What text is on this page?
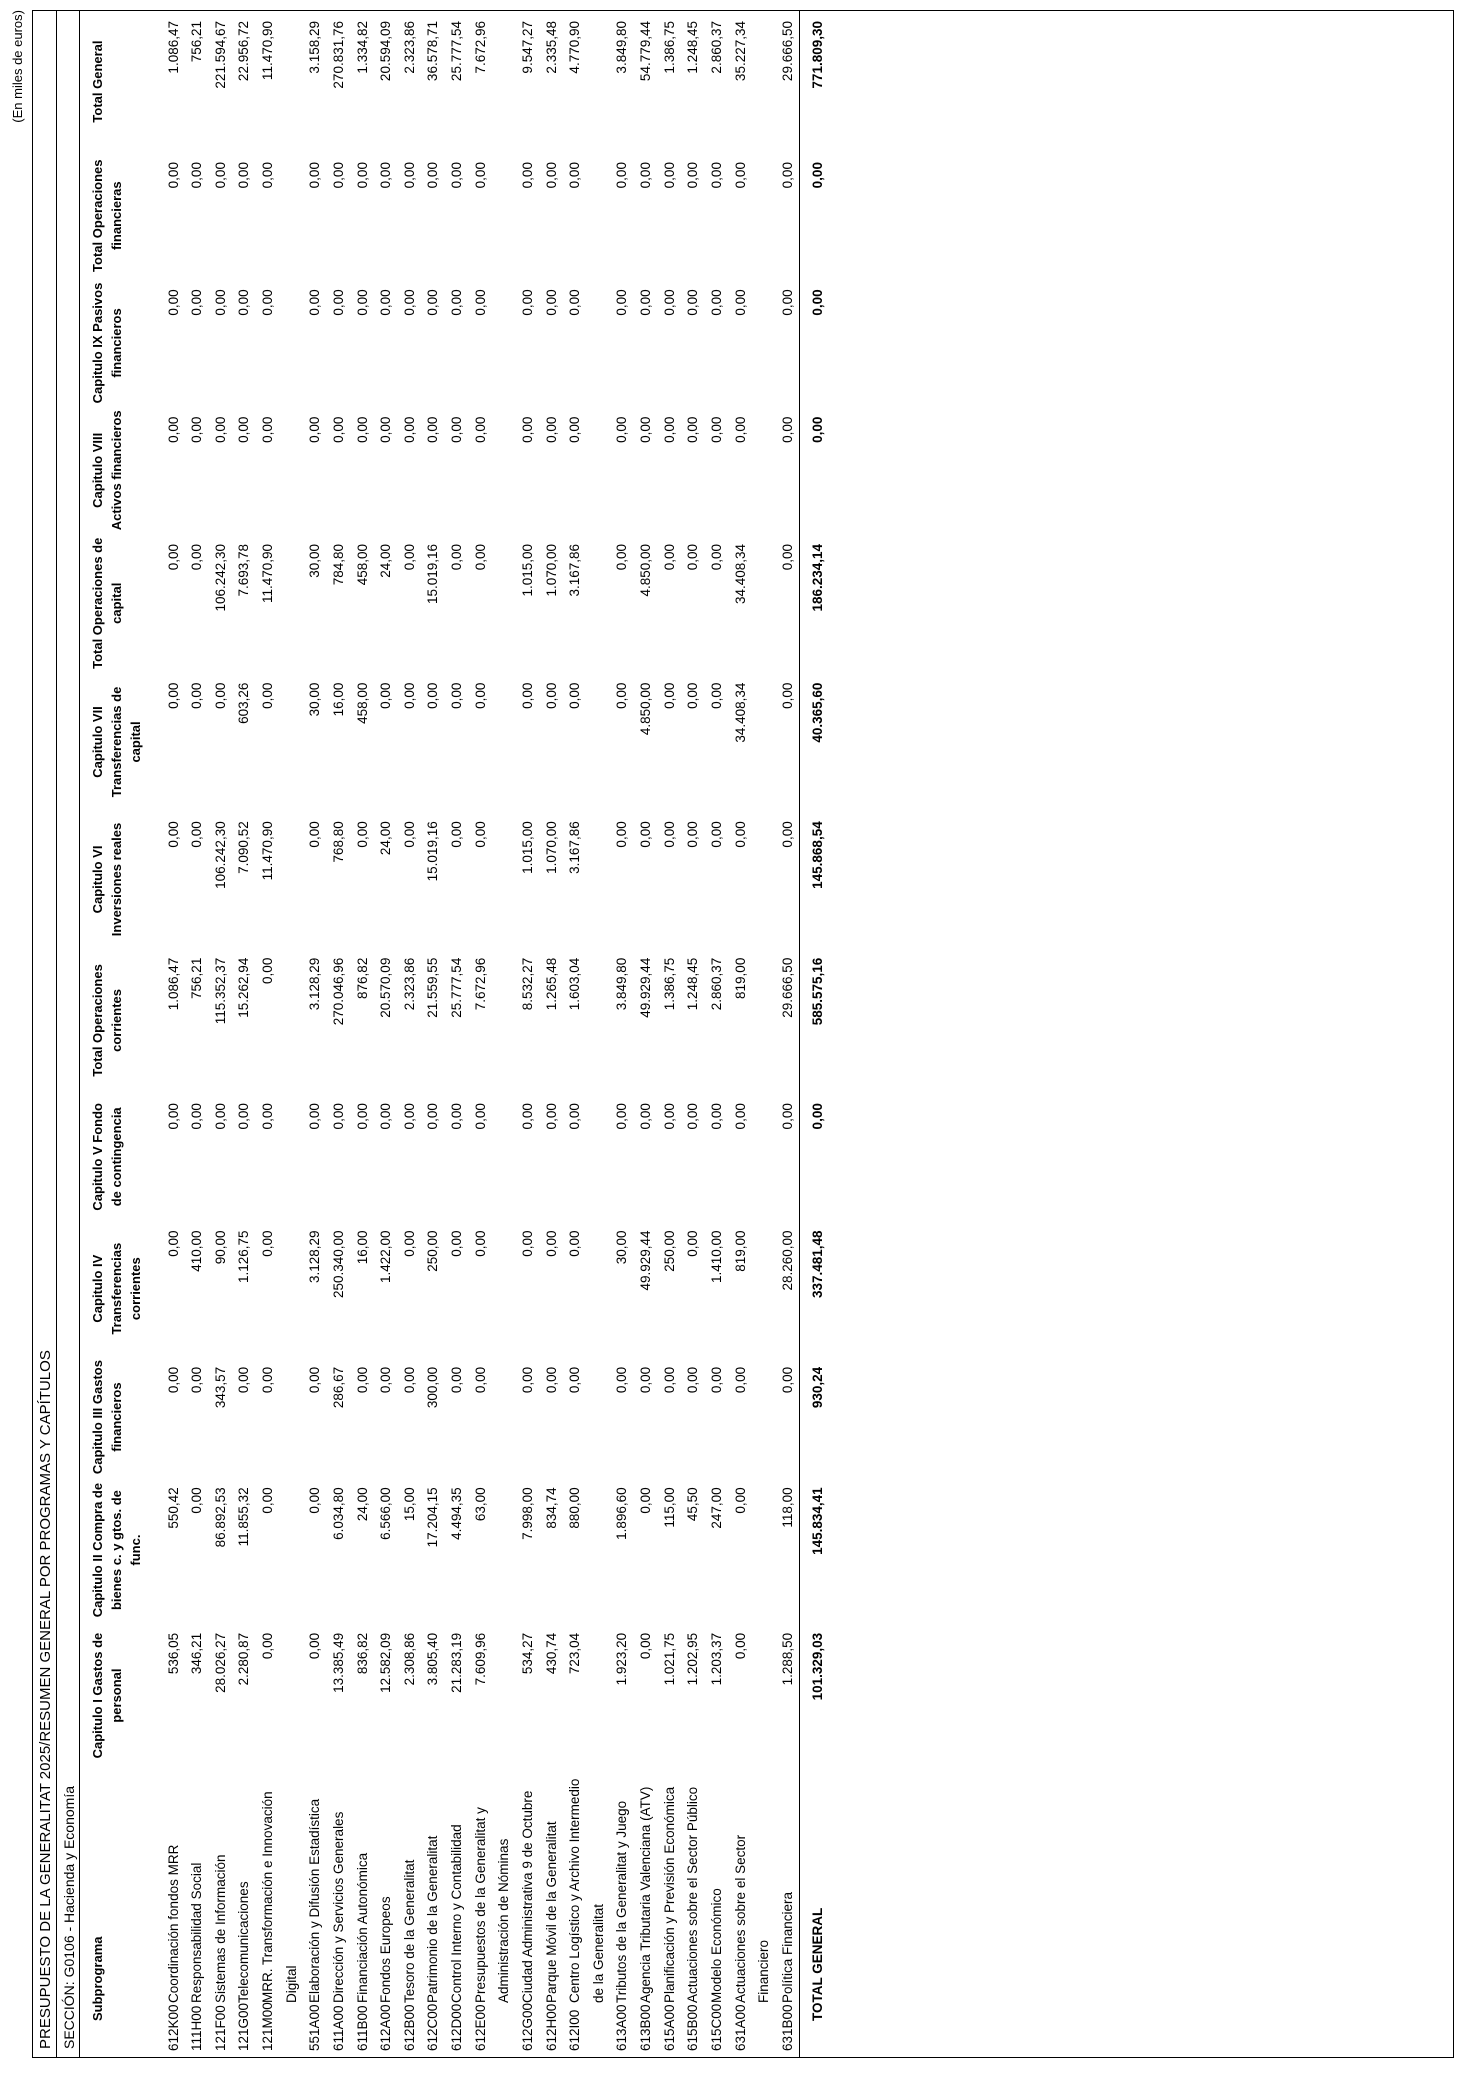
(En miles de euros)
PRESUPUESTO DE LA GENERALITAT 2025/RESUMEN GENERAL POR PROGRAMAS Y CAPÍTULOS SECCIÓN: G0106 - Hacienda y Economía Subprograma		Capitulo I Gastos de personal	Capitulo II Compra de bienes c. y gtos. de func.	Capitulo III Gastos financieros	Capitulo IV Transferencias corrientes	Capitulo V Fondo de contingencia	Total Operaciones corrientes	Capitulo VI Inversiones reales	Capitulo VII Transferencias de capital	Total Operaciones de capital	Capitulo VIII Activos financieros	Capitulo IX Pasivos financieros	Total Operaciones financieras	Total General
612K00	Coordinación fondos MRR	536,05	550,42	0,00	0,00	0,00	1.086,47	0,00	0,00	0,00	0,00	0,00	0,00	1.086,47
111H00	Responsabilidad Social	346,21	0,00	0,00	410,00	0,00	756,21	0,00	0,00	0,00	0,00	0,00	0,00	756,21
121F00	Sistemas de Información	28.026,27	86.892,53	343,57	90,00	0,00	115.352,37	106.242,30	0,00	106.242,30	0,00	0,00	0,00	221.594,67
121G00	Telecomunicaciones	2.280,87	11.855,32	0,00	1.126,75	0,00	15.262,94	7.090,52	603,26	7.693,78	0,00	0,00	0,00	22.956,72
121M00	MRR. Transformación e Innovación Digital	0,00	0,00	0,00	0,00	0,00	0,00	11.470,90	0,00	11.470,90	0,00	0,00	0,00	11.470,90
551A00	Elaboración y Difusión Estadística	0,00	0,00	0,00	3.128,29	0,00	3.128,29	0,00	30,00	30,00	0,00	0,00	0,00	3.158,29
611A00	Dirección y Servicios Generales	13.385,49	6.034,80	286,67	250.340,00	0,00	270.046,96	768,80	16,00	784,80	0,00	0,00	0,00	270.831,76
611B00	Financiación Autonómica	836,82	24,00	0,00	16,00	0,00	876,82	0,00	458,00	458,00	0,00	0,00	0,00	1.334,82
612A00	Fondos Europeos	12.582,09	6.566,00	0,00	1.422,00	0,00	20.570,09	24,00	0,00	24,00	0,00	0,00	0,00	20.594,09
612B00	Tesoro de la Generalitat	2.308,86	15,00	0,00	0,00	0,00	2.323,86	0,00	0,00	0,00	0,00	0,00	0,00	2.323,86
612C00	Patrimonio de la Generalitat	3.805,40	17.204,15	300,00	250,00	0,00	21.559,55	15.019,16	0,00	15.019,16	0,00	0,00	0,00	36.578,71
612D00	Control Interno y Contabilidad	21.283,19	4.494,35	0,00	0,00	0,00	25.777,54	0,00	0,00	0,00	0,00	0,00	0,00	25.777,54
612E00	Presupuestos de la Generalitat y Administración de Nóminas	7.609,96	63,00	0,00	0,00	0,00	7.672,96	0,00	0,00	0,00	0,00	0,00	0,00	7.672,96
612G00	Ciudad Administrativa 9 de Octubre	534,27	7.998,00	0,00	0,00	0,00	8.532,27	1.015,00	0,00	1.015,00	0,00	0,00	0,00	9.547,27
612H00	Parque Móvil de la Generalitat	430,74	834,74	0,00	0,00	0,00	1.265,48	1.070,00	0,00	1.070,00	0,00	0,00	0,00	2.335,48
612I00	Centro Logístico y Archivo Intermedio de la Generalitat	723,04	880,00	0,00	0,00	0,00	1.603,04	3.167,86	0,00	3.167,86	0,00	0,00	0,00	4.770,90
613A00	Tributos de la Generalitat y Juego	1.923,20	1.896,60	0,00	30,00	0,00	3.849,80	0,00	0,00	0,00	0,00	0,00	0,00	3.849,80
613B00	Agencia Tributaria Valenciana (ATV)	0,00	0,00	0,00	49.929,44	0,00	49.929,44	0,00	4.850,00	4.850,00	0,00	0,00	0,00	54.779,44
615A00	Planificación y Previsión Económica	1.021,75	115,00	0,00	250,00	0,00	1.386,75	0,00	0,00	0,00	0,00	0,00	0,00	1.386,75
615B00	Actuaciones sobre el Sector Público	1.202,95	45,50	0,00	0,00	0,00	1.248,45	0,00	0,00	0,00	0,00	0,00	0,00	1.248,45
615C00	Modelo Económico	1.203,37	247,00	0,00	1.410,00	0,00	2.860,37	0,00	0,00	0,00	0,00	0,00	0,00	2.860,37
631A00	Actuaciones sobre el Sector Financiero	0,00	0,00	0,00	819,00	0,00	819,00	0,00	34.408,34	34.408,34	0,00	0,00	0,00	35.227,34
631B00	Política Financiera	1.288,50	118,00	0,00	28.260,00	0,00	29.666,50	0,00	0,00	0,00	0,00	0,00	0,00	29.666,50
TOTAL GENERAL		101.329,03	145.834,41	930,24	337.481,48	0,00	585.575,16	145.868,54	40.365,60	186.234,14	0,00	0,00	0,00	771.809,30
